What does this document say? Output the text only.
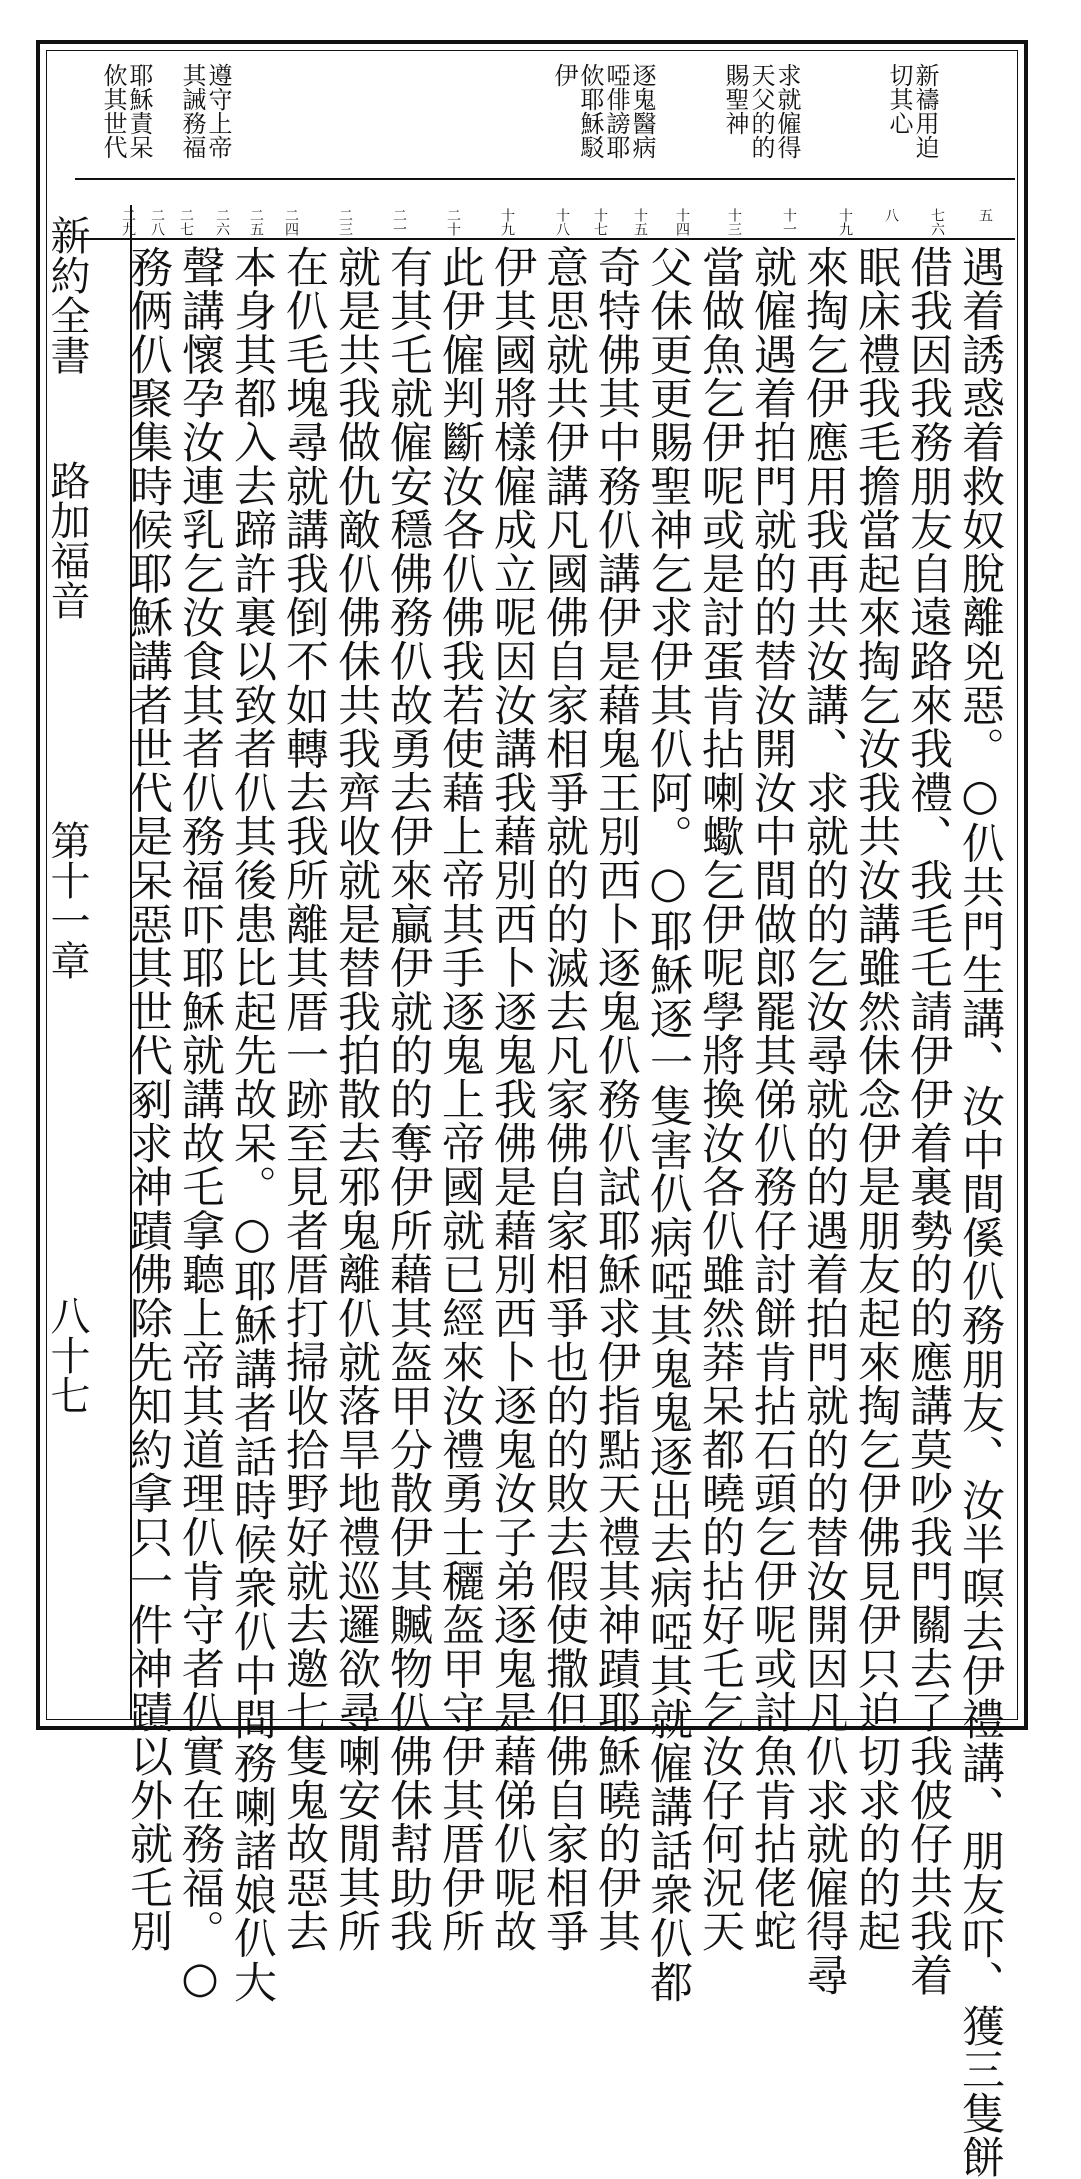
新禱用迫
切其心
求就僱得
天父的的
賜聖神
逐鬼醫病
啞俳謗耶
佽耶穌駁
伊
遵守上帝
其誡務福
耶穌責呆
佽其世代
五
七六
八
十九
十一
十三
十四
十五
十七
十八
十九
二十
二一
二三
二四
二五
二六
二七
二八
二九
遇着誘惑着救奴脫離兇惡。○仈共門生講、汝中間傒仈務朋友、汝半暝去伊禮講、朋友吓、獲三隻餅
借我因我務朋友自遠路來我禮、我毛乇請伊伊着裏勢的的應講莫吵我門關去了我佊仔共我着
眠床禮我毛擔當起來掏乞汝我共汝講雖然佅念伊是朋友起來掏乞伊佛見伊只迫切求的的起
來掏乞伊應用我再共汝講、求就的的乞汝尋就的的遇着拍門就的的替汝開因凡仈求就僱得尋
就僱遇着拍門就的的替汝開汝中間做郎罷其俤仈務仔討餅肯拈石頭乞伊呢或討魚肯拈佬蛇
當做魚乞伊呢或是討蛋肯拈喇蠍乞伊呢學將換汝各仈雖然莽呆都曉的拈好乇乞汝仔何況天
父佅更更賜聖神乞求伊其仈阿。○耶穌逐一隻害仈病啞其鬼鬼逐出去病啞其就僱講話衆仈都
奇特佛其中務仈講伊是藉鬼王別西卜逐鬼仈務仈試耶穌求伊指點天禮其神蹟耶穌曉的伊其
意思就共伊講凡國佛自家相爭就的的滅去凡家佛自家相爭也的的敗去假使撒但佛自家相爭
伊其國將樣僱成立呢因汝講我藉別西卜逐鬼我佛是藉別西卜逐鬼汝子弟逐鬼是藉俤仈呢故
此伊僱判斷汝各仈佛我若使藉上帝其手逐鬼上帝國就已經來汝禮勇士穲盔甲守伊其厝伊所
有其乇就僱安穩佛務仈故勇去伊來贏伊就的的奪伊所藉其盔甲分散伊其贓物仈佛佅幇助我
就是共我做仇敵仈佛佅共我齊收就是替我拍散去邪鬼離仈就落旱地禮巡邏欲尋喇安閒其所
在仈毛塊尋就講我倒不如轉去我所離其厝一跡至見者厝打掃收拾野好就去邀七隻鬼故惡去
本身其都入去蹄許裏以致者仈其後患比起先故呆。○耶穌講者話時候衆仈中間務喇諸娘仈大
聲講懷孕汝連乳乞汝食其者仈務福吓耶穌就講故乇拿聽上帝其道理仈肯守者仈實在務福。○
務俩仈聚集時候耶穌講者世代是呆惡其世代剢求神蹟佛除先知約拿只一件神蹟以外就乇別
新約全書
路加福音
第十一章
八十七
